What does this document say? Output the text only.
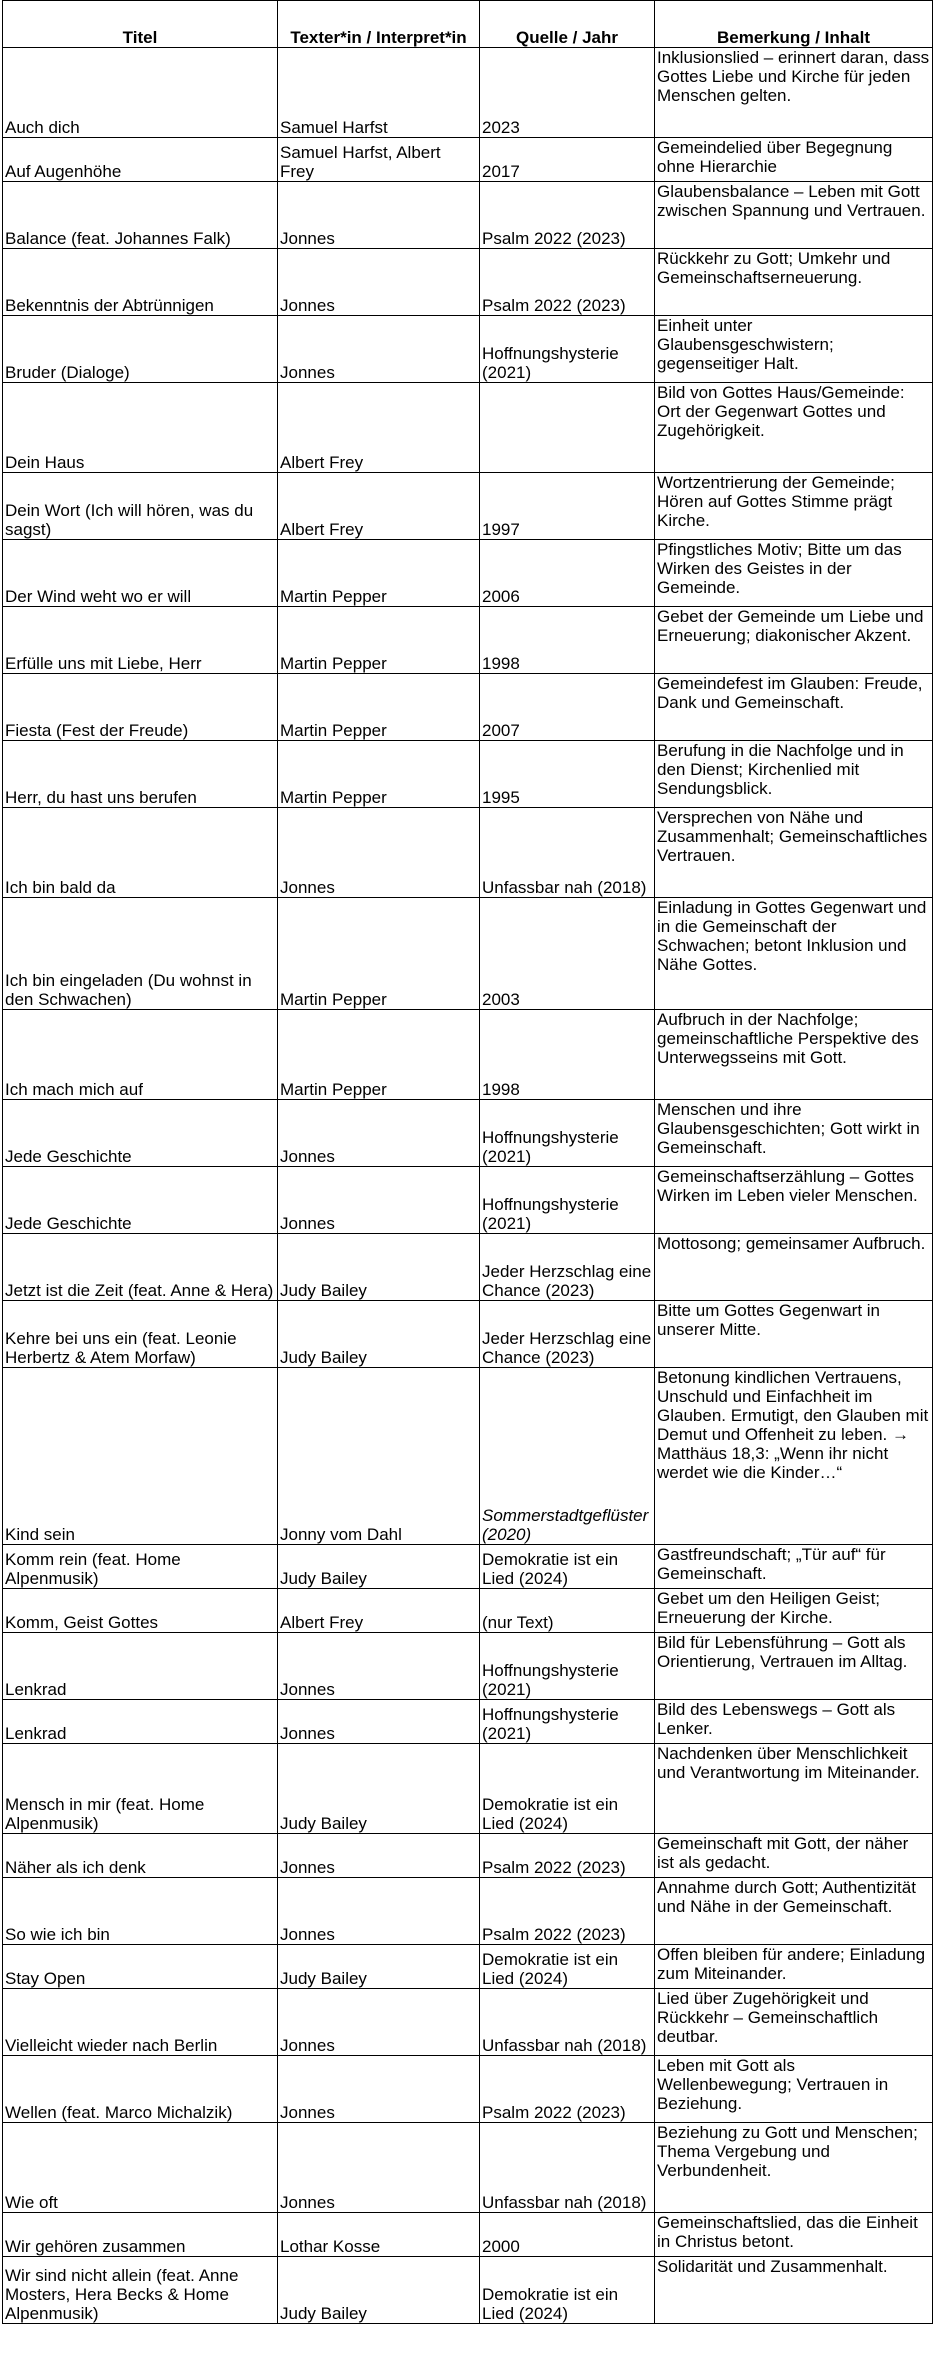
Titel	Texter*in / Interpret*in	Quelle / Jahr	Bemerkung / Inhalt
Auch dich	Samuel Harfst	2023	Inklusionslied – erinnert daran, dass Gottes Liebe und Kirche für jeden Menschen gelten.
Auf Augenhöhe	Samuel Harfst, Albert Frey	2017	Gemeindelied über Begegnung ohne Hierarchie
Balance (feat. Johannes Falk)	Jonnes	Psalm 2022 (2023)	Glaubensbalance – Leben mit Gott zwischen Spannung und Vertrauen.
Bekenntnis der Abtrünnigen	Jonnes	Psalm 2022 (2023)	Rückkehr zu Gott; Umkehr und Gemeinschaftserneuerung.
Bruder (Dialoge)	Jonnes	Hoffnungshysterie (2021)	Einheit unter Glaubensgeschwistern; gegenseitiger Halt.
Dein Haus	Albert Frey		Bild von Gottes Haus/Gemeinde: Ort der Gegenwart Gottes und Zugehörigkeit.
Dein Wort (Ich will hören, was du sagst)	Albert Frey	1997	Wortzentrierung der Gemeinde; Hören auf Gottes Stimme prägt Kirche.
Der Wind weht wo er will	Martin Pepper	2006	Pfingstliches Motiv; Bitte um das Wirken des Geistes in der Gemeinde.
Erfülle uns mit Liebe, Herr	Martin Pepper	1998	Gebet der Gemeinde um Liebe und Erneuerung; diakonischer Akzent.
Fiesta (Fest der Freude)	Martin Pepper	2007	Gemeindefest im Glauben: Freude, Dank und Gemeinschaft.
Herr, du hast uns berufen	Martin Pepper	1995	Berufung in die Nachfolge und in den Dienst; Kirchenlied mit Sendungsblick.
Ich bin bald da	Jonnes	Unfassbar nah (2018)	Versprechen von Nähe und Zusammenhalt; Gemeinschaftliches Vertrauen.
Ich bin eingeladen (Du wohnst in den Schwachen)	Martin Pepper	2003	Einladung in Gottes Gegenwart und in die Gemeinschaft der Schwachen; betont Inklusion und Nähe Gottes.
Ich mach mich auf	Martin Pepper	1998	Aufbruch in der Nachfolge; gemeinschaftliche Perspektive des Unterwegsseins mit Gott.
Jede Geschichte	Jonnes	Hoffnungshysterie (2021)	Menschen und ihre Glaubensgeschichten; Gott wirkt in Gemeinschaft.
Jede Geschichte	Jonnes	Hoffnungshysterie (2021)	Gemeinschaftserzählung – Gottes Wirken im Leben vieler Menschen.
Jetzt ist die Zeit (feat. Anne & Hera)	Judy Bailey	Jeder Herzschlag eine Chance (2023)	Mottosong; gemeinsamer Aufbruch.
Kehre bei uns ein (feat. Leonie Herbertz & Atem Morfaw)	Judy Bailey	Jeder Herzschlag eine Chance (2023)	Bitte um Gottes Gegenwart in unserer Mitte.
Kind sein	Jonny vom Dahl	Sommerstadtgeflüster (2020)	Betonung kindlichen Vertrauens, Unschuld und Einfachheit im Glauben. Ermutigt, den Glauben mit Demut und Offenheit zu leben. → Matthäus 18,3: „Wenn ihr nicht werdet wie die Kinder…“
Komm rein (feat. Home Alpenmusik)	Judy Bailey	Demokratie ist ein Lied (2024)	Gastfreundschaft; „Tür auf“ für Gemeinschaft.
Komm, Geist Gottes	Albert Frey	(nur Text)	Gebet um den Heiligen Geist; Erneuerung der Kirche.
Lenkrad	Jonnes	Hoffnungshysterie (2021)	Bild für Lebensführung – Gott als Orientierung, Vertrauen im Alltag.
Lenkrad	Jonnes	Hoffnungshysterie (2021)	Bild des Lebenswegs – Gott als Lenker.
Mensch in mir (feat. Home Alpenmusik)	Judy Bailey	Demokratie ist ein Lied (2024)	Nachdenken über Menschlichkeit und Verantwortung im Miteinander.
Näher als ich denk	Jonnes	Psalm 2022 (2023)	Gemeinschaft mit Gott, der näher ist als gedacht.
So wie ich bin	Jonnes	Psalm 2022 (2023)	Annahme durch Gott; Authentizität und Nähe in der Gemeinschaft.
Stay Open	Judy Bailey	Demokratie ist ein Lied (2024)	Offen bleiben für andere; Einladung zum Miteinander.
Vielleicht wieder nach Berlin	Jonnes	Unfassbar nah (2018)	Lied über Zugehörigkeit und Rückkehr – Gemeinschaftlich deutbar.
Wellen (feat. Marco Michalzik)	Jonnes	Psalm 2022 (2023)	Leben mit Gott als Wellenbewegung; Vertrauen in Beziehung.
Wie oft	Jonnes	Unfassbar nah (2018)	Beziehung zu Gott und Menschen; Thema Vergebung und Verbundenheit.
Wir gehören zusammen	Lothar Kosse	2000	Gemeinschaftslied, das die Einheit in Christus betont.
Wir sind nicht allein (feat. Anne Mosters, Hera Becks & Home Alpenmusik)	Judy Bailey	Demokratie ist ein Lied (2024)	Solidarität und Zusammenhalt.
